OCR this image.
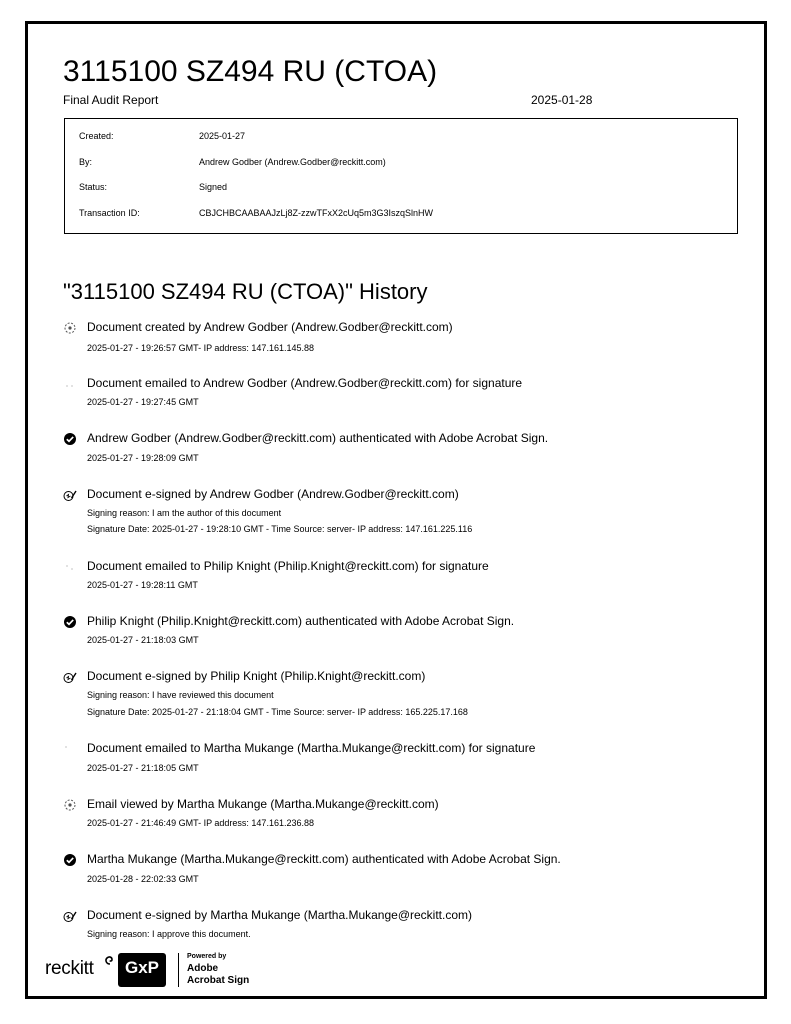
3115100 SZ494 RU (CTOA)
Final Audit Report	2025-01-28
Created:	2025-01-27
By:	Andrew Godber (Andrew.Godber@reckitt.com)
Status:	Signed
Transaction ID:	CBJCHBCAABAAJzLj8Z-zzwTFxX2cUq5m3G3IszqSlnHW
"3115100 SZ494 RU (CTOA)" History
Document created by Andrew Godber (Andrew.Godber@reckitt.com)
2025-01-27 - 19:26:57 GMT- IP address: 147.161.145.88
Document emailed to Andrew Godber (Andrew.Godber@reckitt.com) for signature
2025-01-27 - 19:27:45 GMT
Andrew Godber (Andrew.Godber@reckitt.com) authenticated with Adobe Acrobat Sign.
2025-01-27 - 19:28:09 GMT
Document e-signed by Andrew Godber (Andrew.Godber@reckitt.com)
Signing reason: I am the author of this document
Signature Date: 2025-01-27 - 19:28:10 GMT - Time Source: server- IP address: 147.161.225.116
Document emailed to Philip Knight (Philip.Knight@reckitt.com) for signature
2025-01-27 - 19:28:11 GMT
Philip Knight (Philip.Knight@reckitt.com) authenticated with Adobe Acrobat Sign.
2025-01-27 - 21:18:03 GMT
Document e-signed by Philip Knight (Philip.Knight@reckitt.com)
Signing reason: I have reviewed this document
Signature Date: 2025-01-27 - 21:18:04 GMT - Time Source: server- IP address: 165.225.17.168
Document emailed to Martha Mukange (Martha.Mukange@reckitt.com) for signature
2025-01-27 - 21:18:05 GMT
Email viewed by Martha Mukange (Martha.Mukange@reckitt.com)
2025-01-27 - 21:46:49 GMT- IP address: 147.161.236.88
Martha Mukange (Martha.Mukange@reckitt.com) authenticated with Adobe Acrobat Sign.
2025-01-28 - 22:02:33 GMT
Document e-signed by Martha Mukange (Martha.Mukange@reckitt.com)
Signing reason: I approve this document.
reckitt	GxP
Powered by
Adobe
Acrobat Sign
